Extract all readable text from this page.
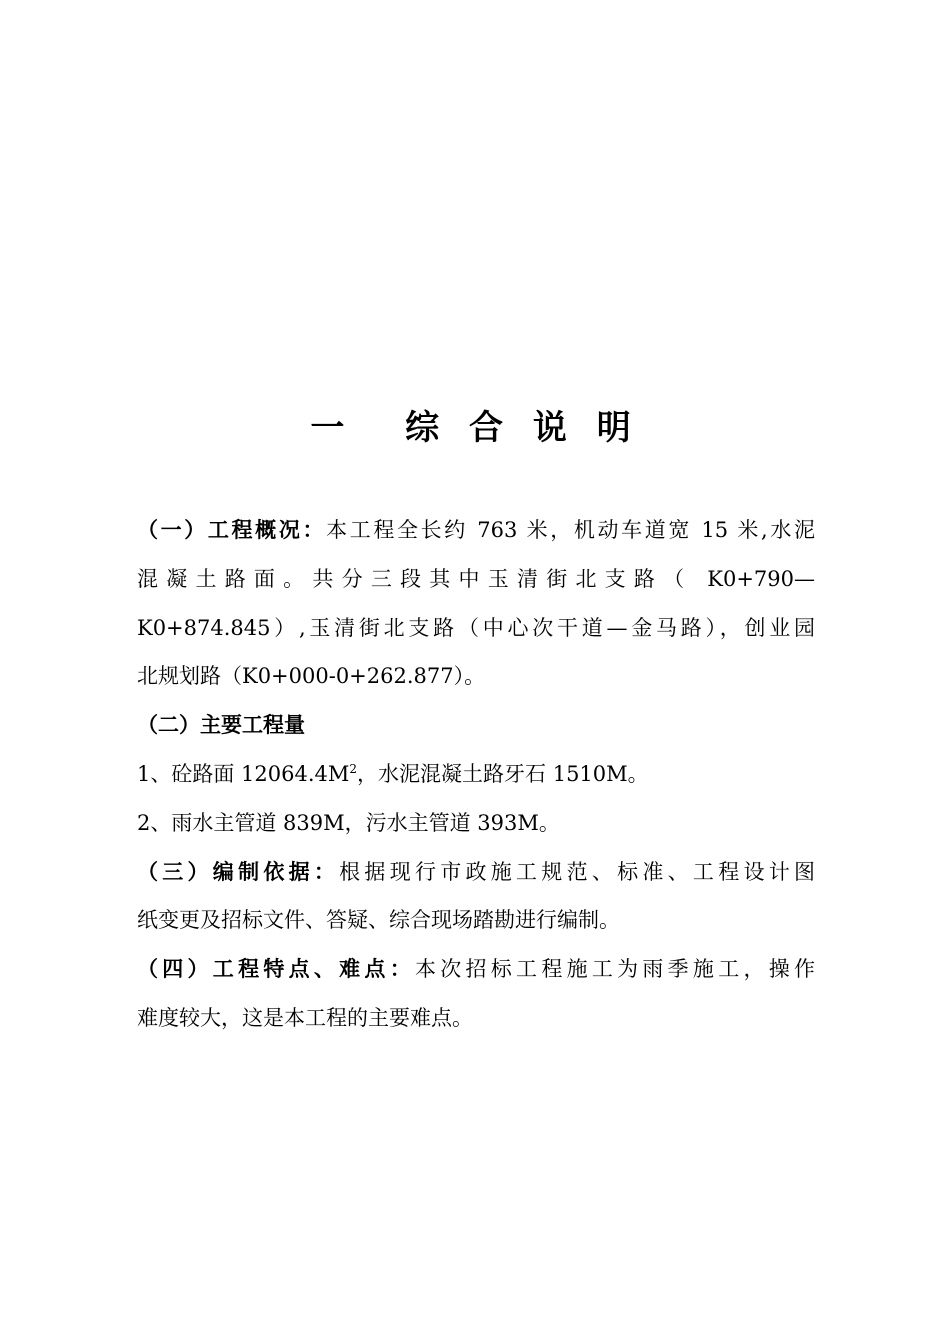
一 综 合 说 明

（一）工程概况：本工程全长约 763 米，机动车道宽 15 米,水泥

混凝土路面。共分三段其中玉清街北支路（ K0+790—

K0+874.845）,玉清街北支路（中心次干道—金马路），创业园

北规划路（K0+000-0+262.877）。

（二）主要工程量

1、砼路面 $12064.4M^2$，水泥混凝土路牙石 1510M。

2、雨水主管道 839M，污水主管道 393M。

（三）编制依据：根据现行市政施工规范、标准、工程设计图

纸变更及招标文件、答疑、综合现场踏勘进行编制。

（四）工程特点、难点：本次招标工程施工为雨季施工，操作

难度较大，这是本工程的主要难点。
